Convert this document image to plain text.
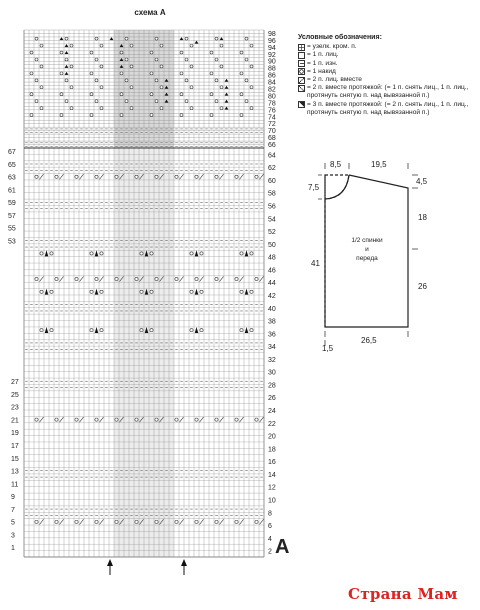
98
96
94
92
90
88
86
84
82
80
78
76
74
72
70
68
66
64
62
60
58
56
54
52
50
48
46
44
42
40
38
36
34
32
30
28
26
24
22
20
18
16
14
12
10
8
6
4
2
67
65
63
61
59
57
55
53
27
25
23
21
19
17
15
13
11
9
7
5
3
1
схема А
Условные обозначения:
= узелк. кром. п.
= 1 п. лиц.
= 1 п. изн.
= 1 накид
= 2 п. лиц. вместе
= 2 п. вместе протяжкой: (= 1 п. снять лиц., 1 п. лиц., протянуть снятую п. над вывязанной п.)
= 3 п. вместе протяжкой: (= 2 п. снять лиц., 1 п. лиц., протянуть снятую п. над вывязанной п.)
A
8,5	19,5
7,5
4,5
18
26
41
1/2 спинки
и
переда
26,5
1,5
Страна Мам
